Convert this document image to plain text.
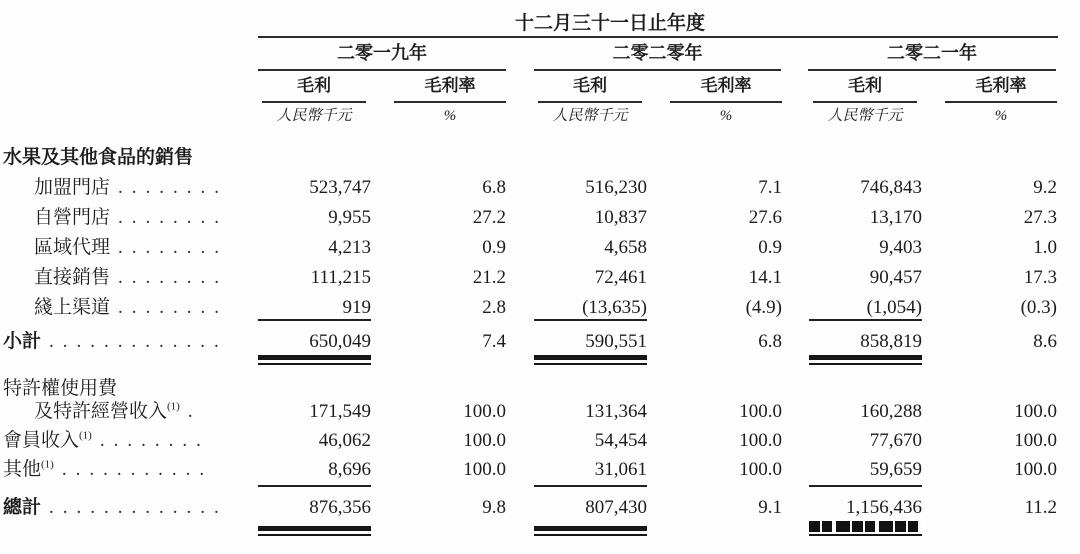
十二月三十一日止年度
二零一九年	二零二零年	二零二一年
毛利	毛利率	毛利	毛利率	毛利	毛利率
人民幣千元	%	人民幣千元	%	人民幣千元	%
水果及其他食品的銷售
加盟門店 ........	523,747	6.8	516,230	7.1	746,843	9.2
自營門店 ........	9,955	27.2	10,837	27.6	13,170	27.3
區域代理 ........	4,213	0.9	4,658	0.9	9,403	1.0
直接銷售 ........	111,215	21.2	72,461	14.1	90,457	17.3
綫上渠道 ........	919	2.8	(13,635)	(4.9)	(1,054)	(0.3)
小計 .............	650,049	7.4	590,551	6.8	858,819	8.6
特許權使用費
及特許經營收入$^{(1)}$ .	171,549	100.0	131,364	100.0	160,288	100.0
會員收入$^{(1)}$ ........	46,062	100.0	54,454	100.0	77,670	100.0
其他$^{(1)}$ ...........	8,696	100.0	31,061	100.0	59,659	100.0
總計 .............	876,356	9.8	807,430	9.1	1,156,436	11.2
